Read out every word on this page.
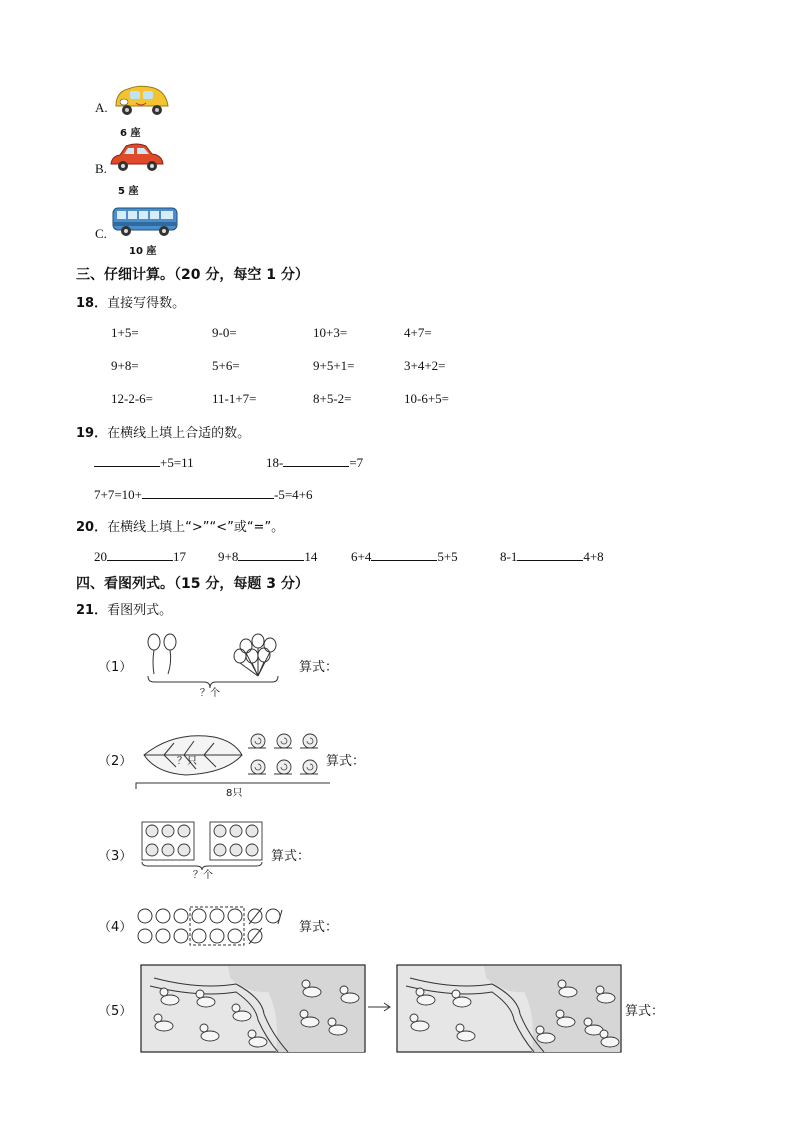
A.
6 座
B.
5 座
C.
10 座
三、仔细计算。（20 分，每空 1 分）
18．直接写得数。
1+5=	9-0=	10+3=	4+7=
9+8=	5+6=	9+5+1=	3+4+2=
12-2-6=	11-1+7=	8+5-2=	10-6+5=
19．在横线上填上合适的数。
+5=11	18-	=7
7+7=10+	-5=4+6
20．在横线上填上“>”“<”或“=”。
20	17 9+8	14	6+4	5+5	8-1	4+8
四、看图列式。（15 分，每题 3 分）
21．看图列式。
（1）
？个
算式：
（2）	？只
8只
算式：
（3）
？个
算式：
（4）	算式：
（5）	算式：
